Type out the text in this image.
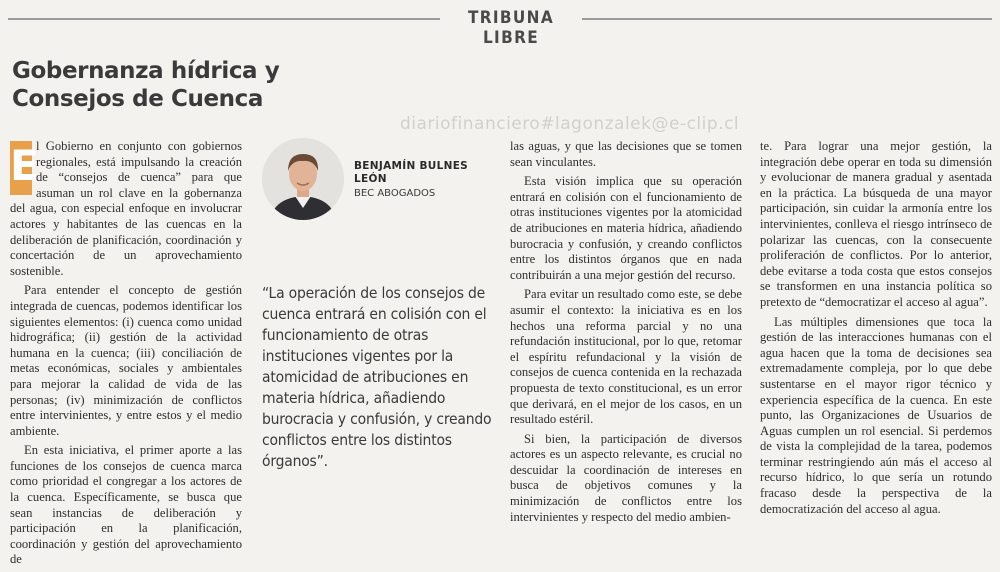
TRIBUNA LIBRE
Gobernanza hídrica y Consejos de Cuenca
diariofinanciero#lagonzalek@e-clip.cl

E
l Gobierno en conjunto con gobiernos regionales, está impulsando la creación de “consejos de cuenca” para que asuman un rol clave en la gobernanza del agua, con especial enfoque en involucrar actores y habitantes de las cuencas en la deliberación de planificación, coordinación y concertación de un aprovechamiento sostenible.

Para entender el concepto de gestión integrada de cuencas, podemos identificar los siguientes elementos: (i) cuenca como unidad hidrográfica; (ii) gestión de la actividad humana en la cuenca; (iii) conciliación de metas económicas, sociales y ambientales para mejorar la calidad de vida de las personas; (iv) minimización de conflictos entre intervinientes, y entre estos y el medio ambiente.

En esta iniciativa, el primer aporte a las funciones de los consejos de cuenca marca como prioridad el congregar a los actores de la cuenca. Específicamente, se busca que sean instancias de deliberación y participación en la planificación, coordinación y gestión del aprovechamiento de

BENJAMÍN BULNES LEÓN
BEC ABOGADOS
“La operación de los consejos de cuenca entrará en colisión con el funcionamiento de otras instituciones vigentes por la atomicidad de atribuciones en materia hídrica, añadiendo burocracia y confusión, y creando conflictos entre los distintos órganos”.

las aguas, y que las decisiones que se tomen sean vinculantes.

Esta visión implica que su operación entrará en colisión con el funcionamiento de otras instituciones vigentes por la atomicidad de atribuciones en materia hídrica, añadiendo burocracia y confusión, y creando conflictos entre los distintos órganos que en nada contribuirán a una mejor gestión del recurso.

Para evitar un resultado como este, se debe asumir el contexto: la iniciativa es en los hechos una reforma parcial y no una refundación institucional, por lo que, retomar el espíritu refundacional y la visión de consejos de cuenca contenida en la rechazada propuesta de texto constitucional, es un error que derivará, en el mejor de los casos, en un resultado estéril.

Si bien, la participación de diversos actores es un aspecto relevante, es crucial no descuidar la coordinación de intereses en busca de objetivos comunes y la minimización de conflictos entre los intervinientes y respecto del medio ambien-

te. Para lograr una mejor gestión, la integración debe operar en toda su dimensión y evolucionar de manera gradual y asentada en la práctica. La búsqueda de una mayor participación, sin cuidar la armonía entre los intervinientes, conlleva el riesgo intrínseco de polarizar las cuencas, con la consecuente proliferación de conflictos. Por lo anterior, debe evitarse a toda costa que estos consejos se transformen en una instancia política so pretexto de “democratizar el acceso al agua”.

Las múltiples dimensiones que toca la gestión de las interacciones humanas con el agua hacen que la toma de decisiones sea extremadamente compleja, por lo que debe sustentarse en el mayor rigor técnico y experiencia específica de la cuenca. En este punto, las Organizaciones de Usuarios de Aguas cumplen un rol esencial. Si perdemos de vista la complejidad de la tarea, podemos terminar restringiendo aún más el acceso al recurso hídrico, lo que sería un rotundo fracaso desde la perspectiva de la democratización del acceso al agua.
